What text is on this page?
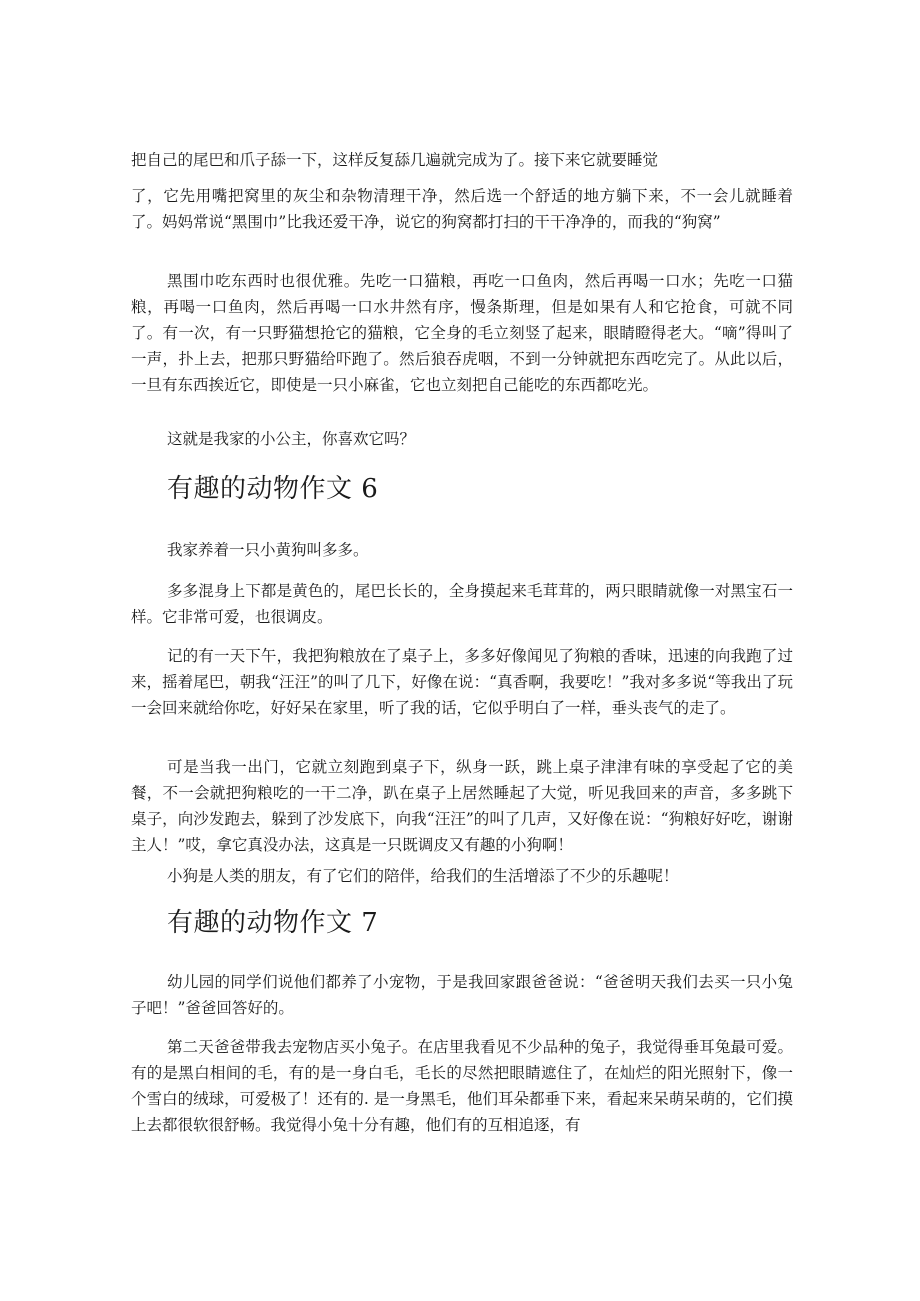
把自己的尾巴和爪子舔一下，这样反复舔几遍就完成为了。接下来它就要睡觉

了，它先用嘴把窝里的灰尘和杂物清理干净，然后选一个舒适的地方躺下来，不一会儿就睡着了。妈妈常说“黑围巾”比我还爱干净，说它的狗窝都打扫的干干净净的，而我的“狗窝”

黑围巾吃东西时也很优雅。先吃一口猫粮，再吃一口鱼肉，然后再喝一口水；先吃一口猫粮，再喝一口鱼肉，然后再喝一口水井然有序，慢条斯理，但是如果有人和它抢食，可就不同了。有一次，有一只野猫想抢它的猫粮，它全身的毛立刻竖了起来，眼睛瞪得老大。“嘀”得叫了一声，扑上去，把那只野猫给吓跑了。然后狼吞虎咽，不到一分钟就把东西吃完了。从此以后，一旦有东西挨近它，即使是一只小麻雀，它也立刻把自己能吃的东西都吃光。

这就是我家的小公主，你喜欢它吗？

有趣的动物作文 6

我家养着一只小黄狗叫多多。

多多混身上下都是黄色的，尾巴长长的，全身摸起来毛茸茸的，两只眼睛就像一对黑宝石一样。它非常可爱，也很调皮。

记的有一天下午，我把狗粮放在了桌子上，多多好像闻见了狗粮的香味，迅速的向我跑了过来，摇着尾巴，朝我“汪汪”的叫了几下，好像在说：“真香啊，我要吃！”我对多多说“等我出了玩一会回来就给你吃，好好呆在家里，听了我的话，它似乎明白了一样，垂头丧气的走了。

可是当我一出门，它就立刻跑到桌子下，纵身一跃，跳上桌子津津有味的享受起了它的美餐，不一会就把狗粮吃的一干二净，趴在桌子上居然睡起了大觉，听见我回来的声音，多多跳下桌子，向沙发跑去，躲到了沙发底下，向我“汪汪”的叫了几声，又好像在说：“狗粮好好吃，谢谢主人！”哎，拿它真没办法，这真是一只既调皮又有趣的小狗啊！

小狗是人类的朋友，有了它们的陪伴，给我们的生活增添了不少的乐趣呢！

有趣的动物作文 7

幼儿园的同学们说他们都养了小宠物，于是我回家跟爸爸说：“爸爸明天我们去买一只小兔子吧！”爸爸回答好的。

第二天爸爸带我去宠物店买小兔子。在店里我看见不少品种的兔子，我觉得垂耳兔最可爱。有的是黑白相间的毛，有的是一身白毛，毛长的尽然把眼睛遮住了，在灿烂的阳光照射下，像一个雪白的绒球，可爱极了！还有的. 是一身黑毛，他们耳朵都垂下来，看起来呆萌呆萌的，它们摸上去都很软很舒畅。我觉得小兔十分有趣，他们有的互相追逐，有
